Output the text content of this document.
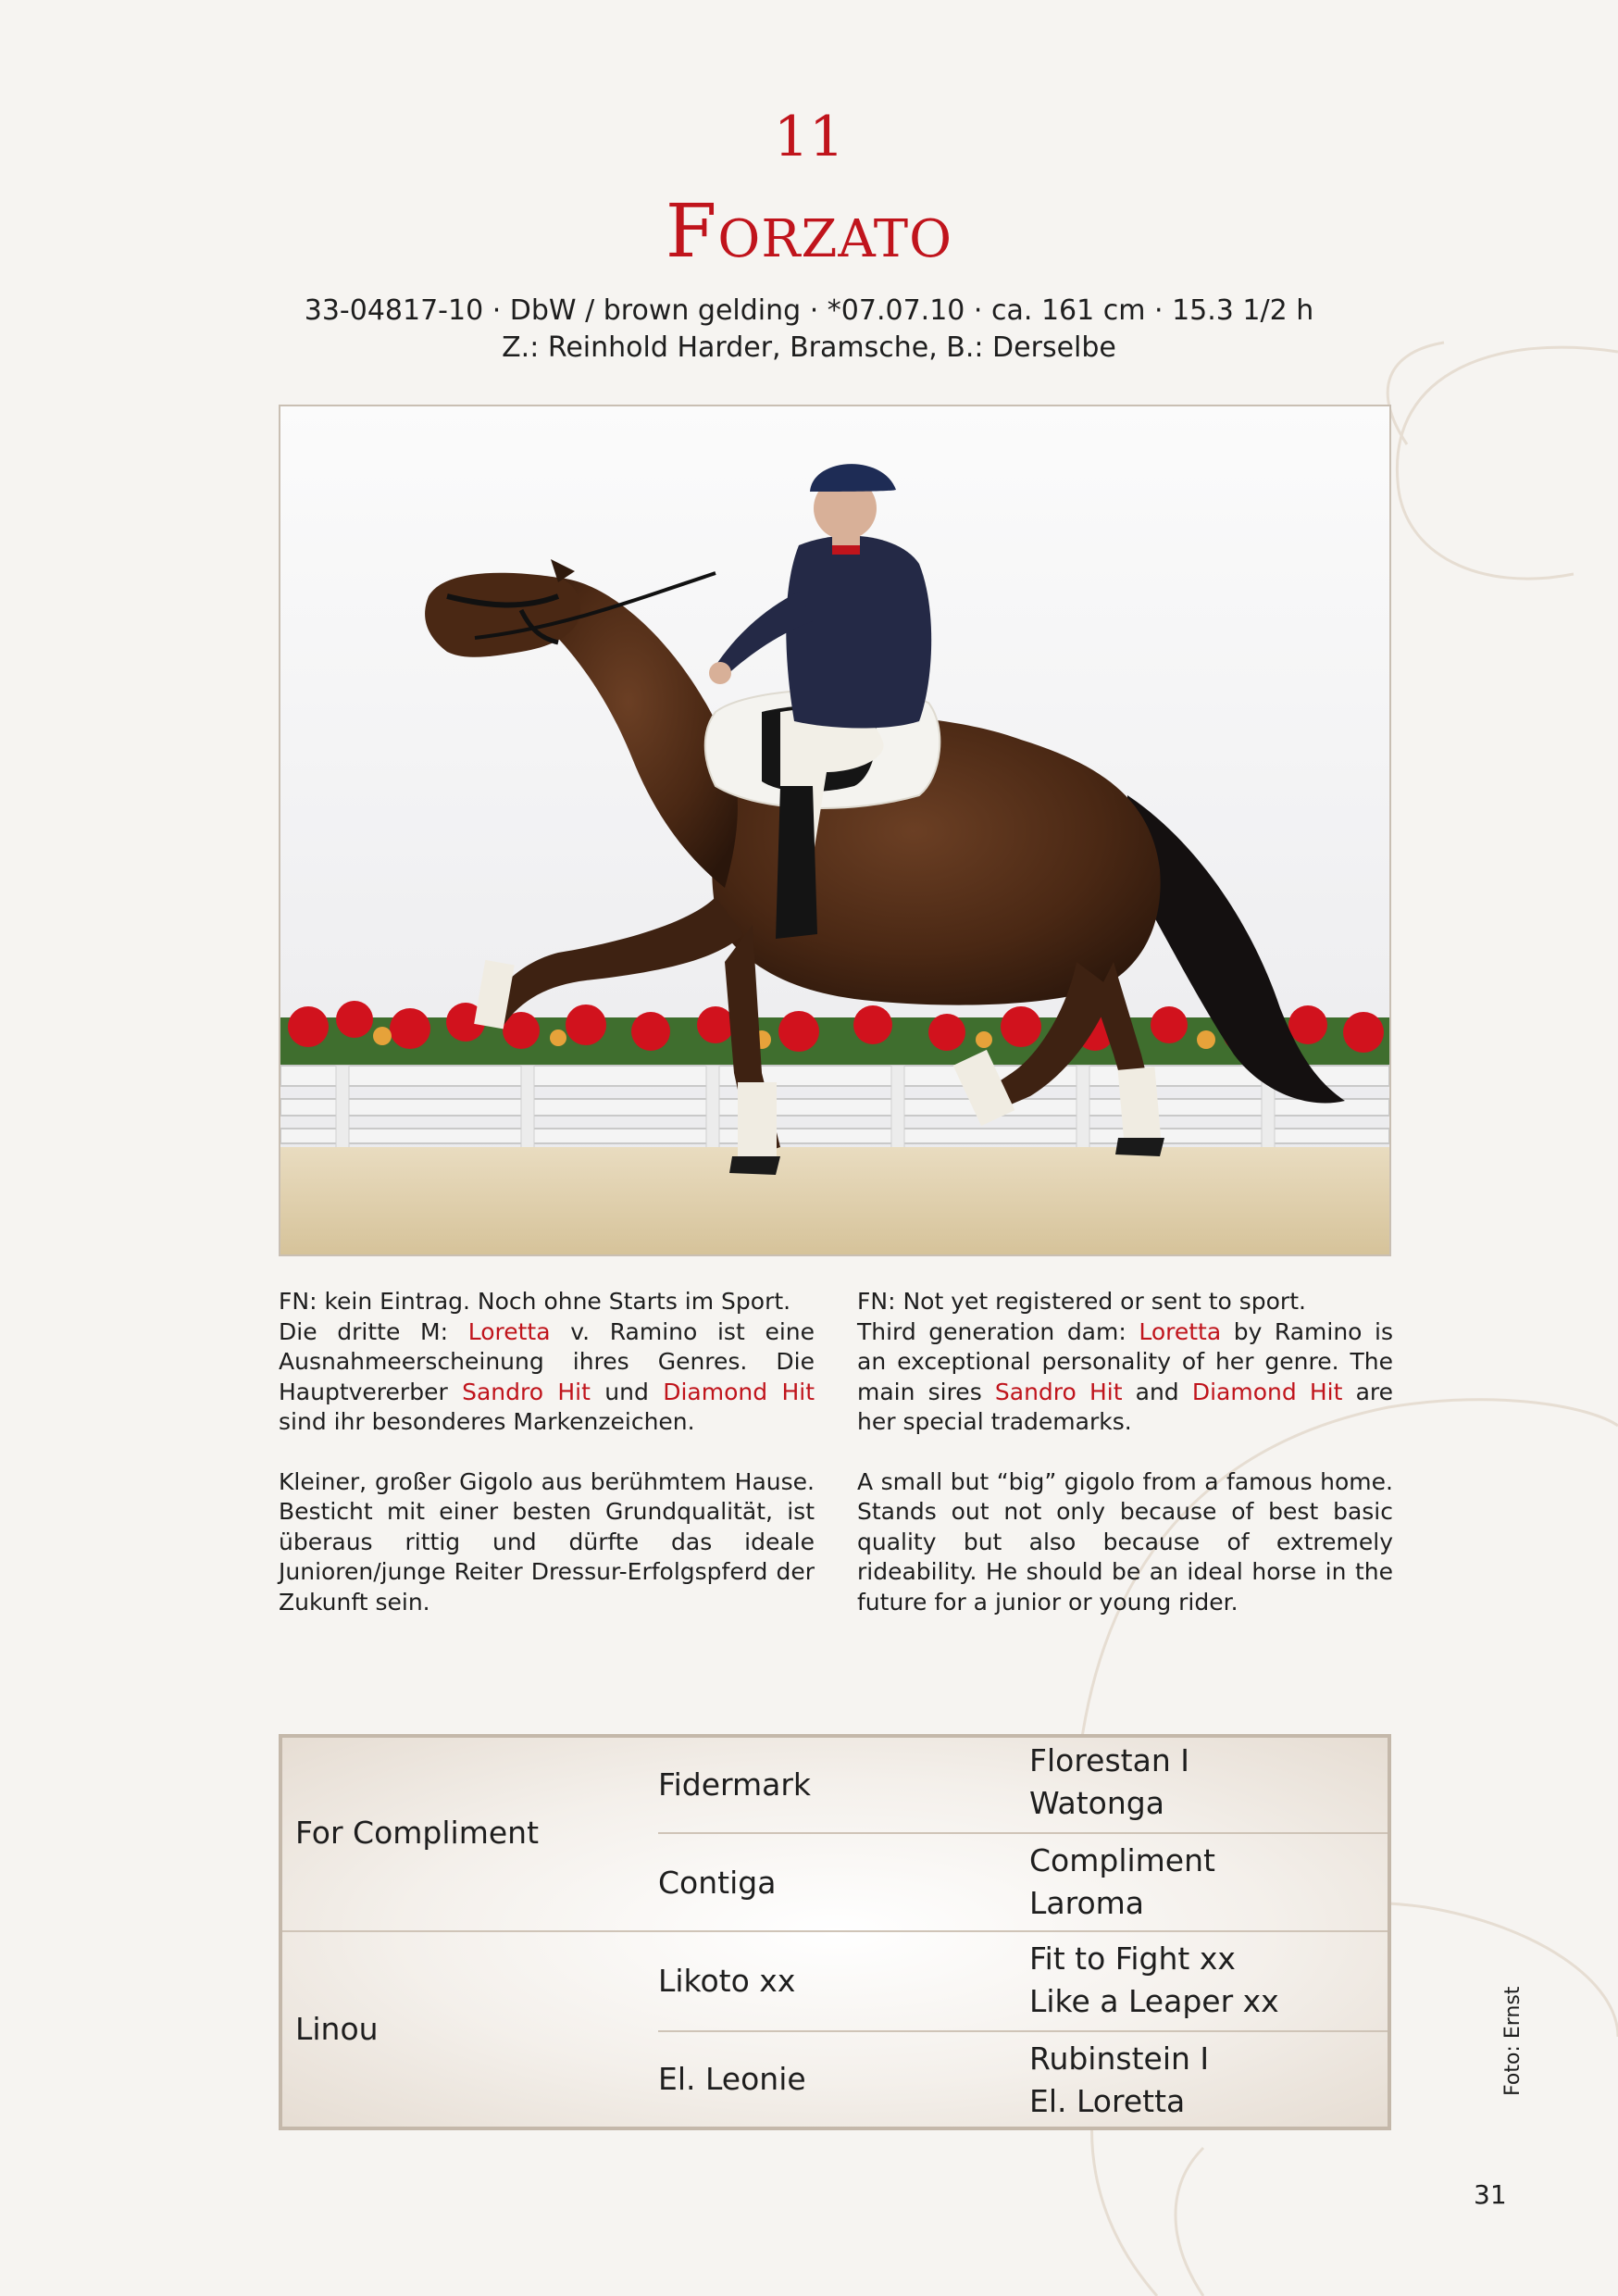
11
Forzato
33-04817-10 · DbW / brown gelding · *07.07.10 · ca. 161 cm · 15.3 1/2 h
Z.: Reinhold Harder, Bramsche, B.: Derselbe

FN: kein Eintrag. Noch ohne Starts im Sport.
Die dritte M: Loretta v. Ramino ist eine Ausnahmeerscheinung ihres Genres. Die Hauptvererber Sandro Hit und Diamond Hit sind ihr besonderes Markenzeichen.

Kleiner, großer Gigolo aus berühmtem Hause. Besticht mit einer besten Grundqualität, ist überaus rittig und dürfte das ideale Junioren/junge Reiter Dressur-Erfolgspferd der Zukunft sein.

FN: Not yet registered or sent to sport.
Third generation dam: Loretta by Ramino is an exceptional personality of her genre. The main sires Sandro Hit and Diamond Hit are her special trademarks.

A small but “big” gigolo from a famous home. Stands out not only because of best basic quality but also because of extremely rideability. He should be an ideal horse in the future for a junior or young rider.

For Compliment
Linou
Fidermark
Contiga
Likoto xx
El. Leonie
Florestan I
Watonga
Compliment
Laroma
Fit to Fight xx
Like a Leaper xx
Rubinstein I
El. Loretta
Foto: Ernst
31
